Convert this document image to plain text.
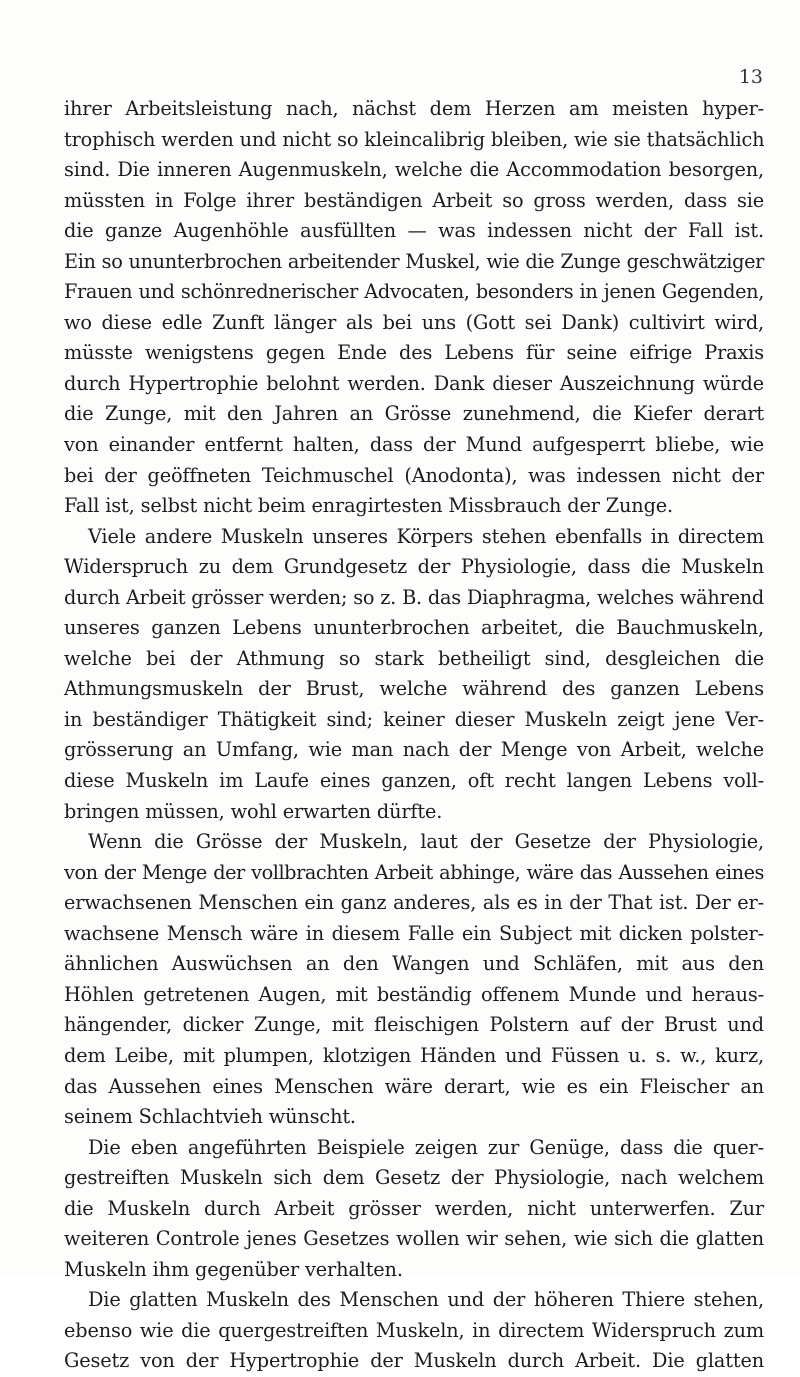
13
ihrer Arbeitsleistung nach, nächst dem Herzen am meisten hyper-
trophisch werden und nicht so kleincalibrig bleiben, wie sie thatsächlich
sind. Die inneren Augenmuskeln, welche die Accommodation besorgen,
müssten in Folge ihrer beständigen Arbeit so gross werden, dass sie
die ganze Augenhöhle ausfüllten — was indessen nicht der Fall ist.
Ein so ununterbrochen arbeitender Muskel, wie die Zunge geschwätziger
Frauen und schönrednerischer Advocaten, besonders in jenen Gegenden,
wo diese edle Zunft länger als bei uns (Gott sei Dank) cultivirt wird,
müsste wenigstens gegen Ende des Lebens für seine eifrige Praxis
durch Hypertrophie belohnt werden. Dank dieser Auszeichnung würde
die Zunge, mit den Jahren an Grösse zunehmend, die Kiefer derart
von einander entfernt halten, dass der Mund aufgesperrt bliebe, wie
bei der geöffneten Teichmuschel (Anodonta), was indessen nicht der
Fall ist, selbst nicht beim enragirtesten Missbrauch der Zunge.
Viele andere Muskeln unseres Körpers stehen ebenfalls in directem
Widerspruch zu dem Grundgesetz der Physiologie, dass die Muskeln
durch Arbeit grösser werden; so z. B. das Diaphragma, welches während
unseres ganzen Lebens ununterbrochen arbeitet, die Bauchmuskeln,
welche bei der Athmung so stark betheiligt sind, desgleichen die
Athmungsmuskeln der Brust, welche während des ganzen Lebens
in beständiger Thätigkeit sind; keiner dieser Muskeln zeigt jene Ver-
grösserung an Umfang, wie man nach der Menge von Arbeit, welche
diese Muskeln im Laufe eines ganzen, oft recht langen Lebens voll-
bringen müssen, wohl erwarten dürfte.
Wenn die Grösse der Muskeln, laut der Gesetze der Physiologie,
von der Menge der vollbrachten Arbeit abhinge, wäre das Aussehen eines
erwachsenen Menschen ein ganz anderes, als es in der That ist. Der er-
wachsene Mensch wäre in diesem Falle ein Subject mit dicken polster-
ähnlichen Auswüchsen an den Wangen und Schläfen, mit aus den
Höhlen getretenen Augen, mit beständig offenem Munde und heraus-
hängender, dicker Zunge, mit fleischigen Polstern auf der Brust und
dem Leibe, mit plumpen, klotzigen Händen und Füssen u. s. w., kurz,
das Aussehen eines Menschen wäre derart, wie es ein Fleischer an
seinem Schlachtvieh wünscht.
Die eben angeführten Beispiele zeigen zur Genüge, dass die quer-
gestreiften Muskeln sich dem Gesetz der Physiologie, nach welchem
die Muskeln durch Arbeit grösser werden, nicht unterwerfen. Zur
weiteren Controle jenes Gesetzes wollen wir sehen, wie sich die glatten
Muskeln ihm gegenüber verhalten.
Die glatten Muskeln des Menschen und der höheren Thiere stehen,
ebenso wie die quergestreiften Muskeln, in directem Widerspruch zum
Gesetz von der Hypertrophie der Muskeln durch Arbeit. Die glatten
